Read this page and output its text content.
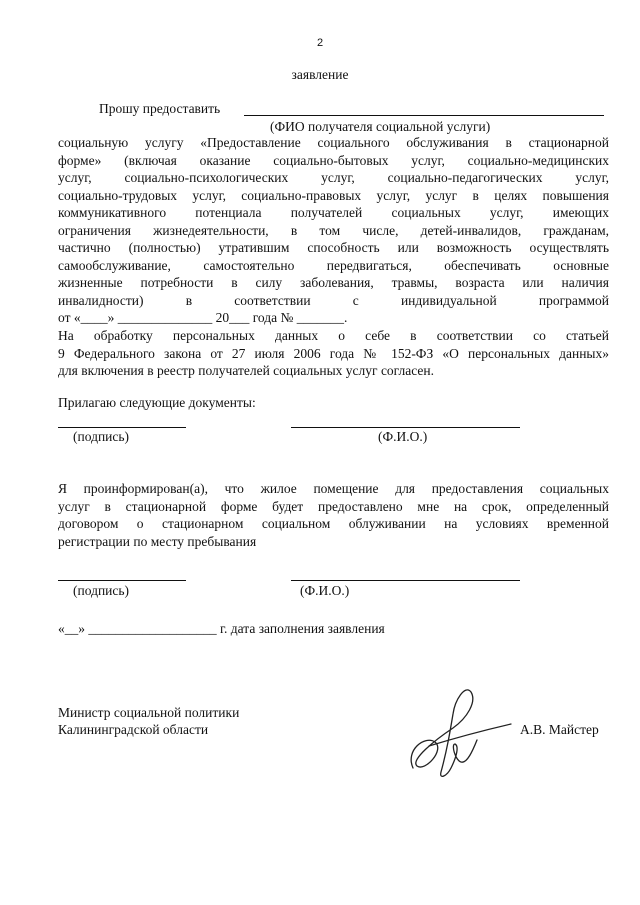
2
заявление
Прошу предоставить
(ФИО получателя социальной услуги)
социальную услугу «Предоставление социального обслуживания в стационарной
форме» (включая оказание социально-бытовых услуг, социально-медицинских
услуг, социально-психологических услуг, социально-педагогических услуг,
социально-трудовых услуг, социально-правовых услуг, услуг в целях повышения
коммуникативного потенциала получателей социальных услуг, имеющих
ограничения жизнедеятельности, в том числе, детей-инвалидов, гражданам,
частично (полностью) утратившим способность или возможность осуществлять
самообслуживание, самостоятельно передвигаться, обеспечивать основные
жизненные потребности в силу заболевания, травмы, возраста или наличия
инвалидности) в соответствии с индивидуальной программой
от «____» ______________ 20___ года № _______.
На обработку персональных данных о себе в соответствии со статьей
9 Федерального закона от 27 июля 2006 года № 152-ФЗ «О персональных данных»
для включения в реестр получателей социальных услуг согласен.
Прилагаю следующие документы:
(подпись)	(Ф.И.О.)
Я проинформирован(а), что жилое помещение для предоставления социальных
услуг в стационарной форме будет предоставлено мне на срок, определенный
договором о стационарном социальном облуживании на условиях временной
регистрации по месту пребывания
(подпись)	(Ф.И.О.)
«__» ___________________ г. дата заполнения заявления
Министр социальной политики
Калининградской области	А.В. Майстер
